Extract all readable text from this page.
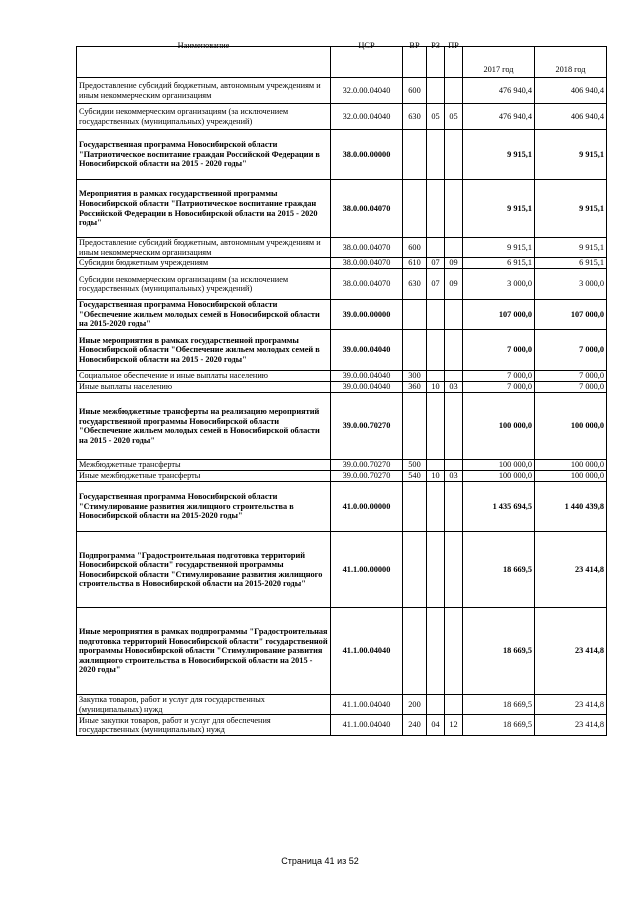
Наименование	ЦСР	ВР	РЗ	ПР	2017 год	2018 год
Предоставление субсидий бюджетным, автономным учреждениям и иным некоммерческим организациям	32.0.00.04040	600			476 940,4	406 940,4
Субсидии некоммерческим организациям (за исключением государственных (муниципальных) учреждений)	32.0.00.04040	630	05	05	476 940,4	406 940,4
Государственная программа Новосибирской области "Патриотическое воспитание граждан Российской Федерации в Новосибирской области на 2015 - 2020 годы"	38.0.00.00000				9 915,1	9 915,1
Мероприятия в рамках государственной программы Новосибирской области "Патриотическое воспитание граждан Российской Федерации в Новосибирской области на 2015 - 2020 годы"	38.0.00.04070				9 915,1	9 915,1
Предоставление субсидий бюджетным, автономным учреждениям и иным некоммерческим организациям	38.0.00.04070	600			9 915,1	9 915,1
Субсидии бюджетным учреждениям	38.0.00.04070	610	07	09	6 915,1	6 915,1
Субсидии некоммерческим организациям (за исключением государственных (муниципальных) учреждений)	38.0.00.04070	630	07	09	3 000,0	3 000,0
Государственная программа Новосибирской области "Обеспечение жильем молодых семей в Новосибирской области на 2015-2020 годы"	39.0.00.00000				107 000,0	107 000,0
Иные мероприятия в рамках государственной программы Новосибирской области "Обеспечение жильем молодых семей в Новосибирской области на 2015 - 2020 годы"	39.0.00.04040				7 000,0	7 000,0
Социальное обеспечение и иные выплаты населению	39.0.00.04040	300			7 000,0	7 000,0
Иные выплаты населению	39.0.00.04040	360	10	03	7 000,0	7 000,0
Иные межбюджетные трансферты на реализацию мероприятий государственной программы Новосибирской области "Обеспечение жильем молодых семей в Новосибирской области на 2015 - 2020 годы"	39.0.00.70270				100 000,0	100 000,0
Межбюджетные трансферты	39.0.00.70270	500			100 000,0	100 000,0
Иные межбюджетные трансферты	39.0.00.70270	540	10	03	100 000,0	100 000,0
Государственная программа Новосибирской области "Стимулирование развития жилищного строительства в Новосибирской области на 2015-2020 годы"	41.0.00.00000				1 435 694,5	1 440 439,8
Подпрограмма "Градостроительная подготовка территорий Новосибирской области" государственной программы Новосибирской области "Стимулирование развития жилищного строительства в Новосибирской области на 2015-2020 годы"	41.1.00.00000				18 669,5	23 414,8
Иные мероприятия в рамках подпрограммы "Градостроительная подготовка территорий Новосибирской области" государственной программы Новосибирской области "Стимулирование развития жилищного строительства в Новосибирской области на 2015 - 2020 годы"	41.1.00.04040				18 669,5	23 414,8
Закупка товаров, работ и услуг для государственных (муниципальных) нужд	41.1.00.04040	200			18 669,5	23 414,8
Иные закупки товаров, работ и услуг для обеспечения государственных (муниципальных) нужд	41.1.00.04040	240	04	12	18 669,5	23 414,8
Страница 41 из 52
